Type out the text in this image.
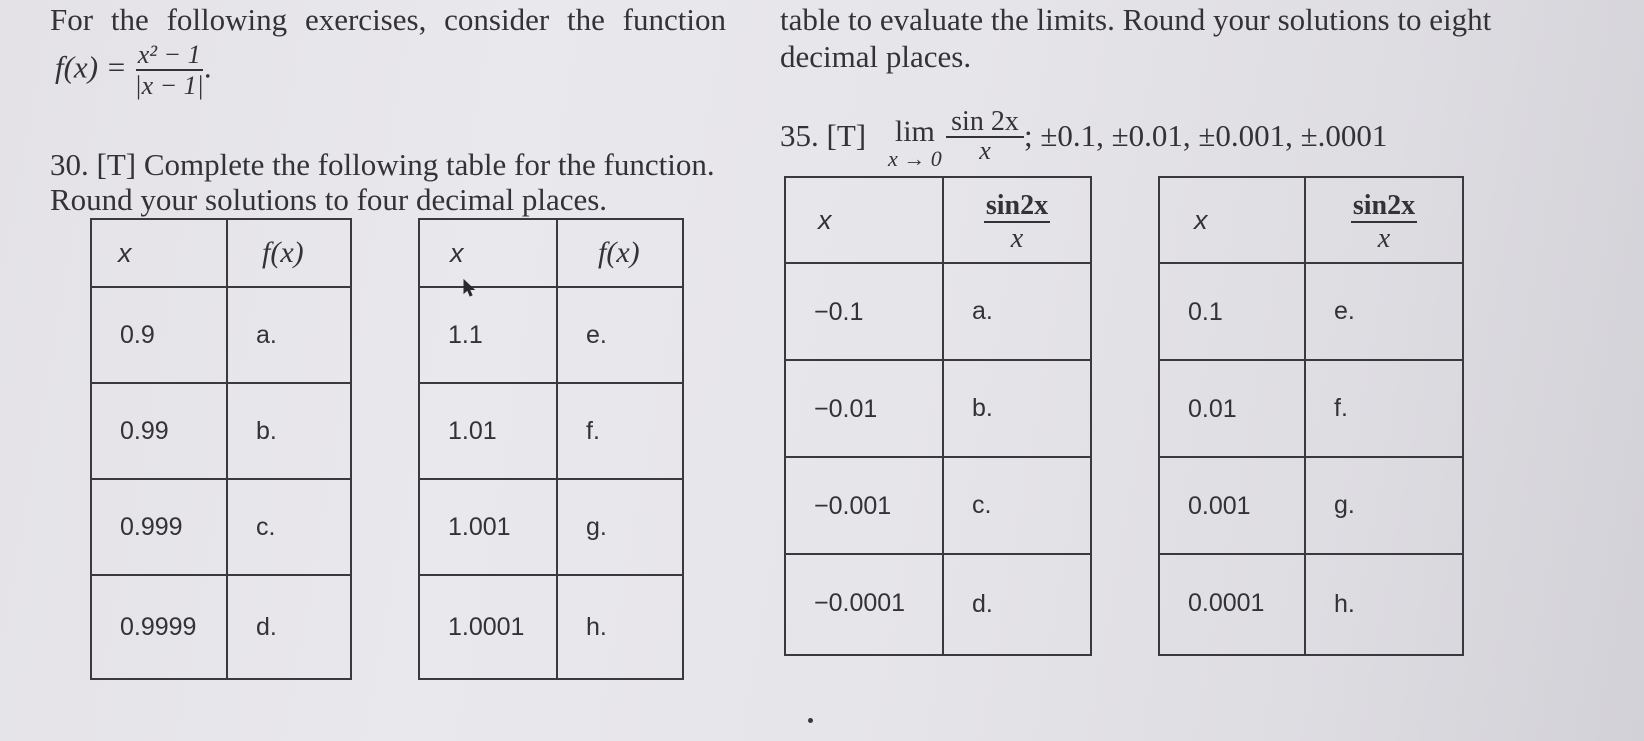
For the following exercises, consider the function
$f(x) = \frac{\text{x² − 1}}{|x - 1|}$ .
table to evaluate the limits. Round your solutions to eight
decimal places.
30. [T] Complete the following table for the function.
Round your solutions to four decimal places.
x	f(x)		x	f(x)
0.9	a.		1.1	e.
0.99	b.		1.01	f.
0.999	c.		1.001	g.
0.9999	d.		1.0001	h.
35. [T] lim
$x \to 0 \frac{\sin 2x}{x}$ ; ±0.1, ±0.01, ±0.001, ±.0001
x	$\frac{\sin 2x}{x}$		x	$\frac{\sin 2x}{x}$

−0.1	a.		0.1	e.
−0.01	b.		0.01	f.
−0.001	c.		0.001	g.
−0.0001	d.		0.0001	h.
